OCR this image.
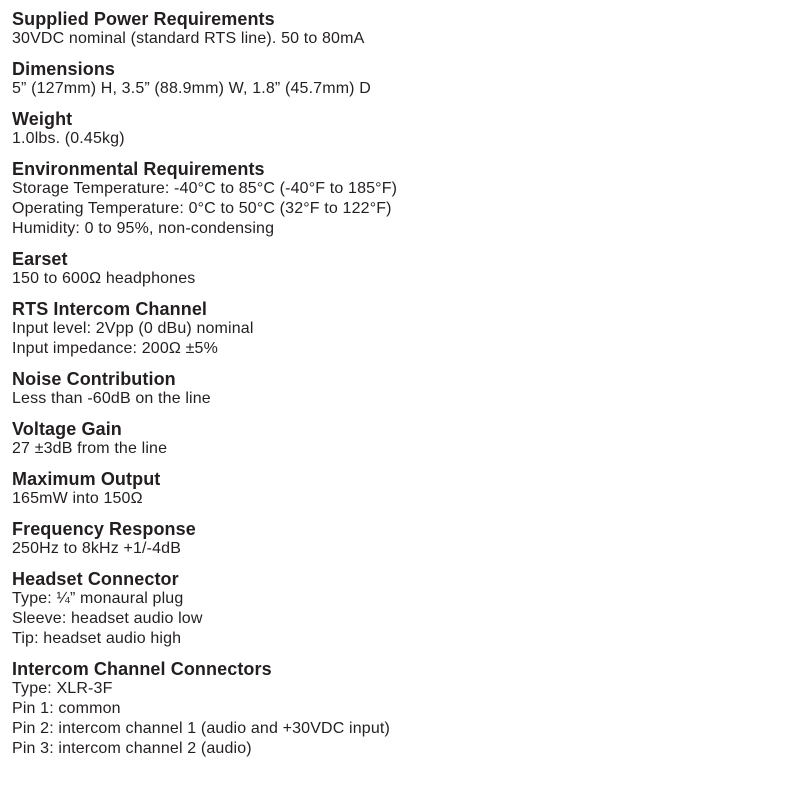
Supplied Power Requirements

30VDC nominal (standard RTS line). 50 to 80mA

Dimensions

5” (127mm) H, 3.5” (88.9mm) W, 1.8” (45.7mm) D

Weight

1.0lbs. (0.45kg)

Environmental Requirements

Storage Temperature: -40°C to 85°C (-40°F to 185°F)

Operating Temperature: 0°C to 50°C (32°F to 122°F)

Humidity: 0 to 95%, non-condensing

Earset

150 to 600Ω headphones

RTS Intercom Channel

Input level: 2Vpp (0 dBu) nominal

Input impedance: 200Ω ±5%

Noise Contribution

Less than -60dB on the line

Voltage Gain

27 ±3dB from the line

Maximum Output

165mW into 150Ω

Frequency Response

250Hz to 8kHz +1/-4dB

Headset Connector

Type: ¼” monaural plug

Sleeve: headset audio low

Tip: headset audio high

Intercom Channel Connectors

Type: XLR-3F

Pin 1: common

Pin 2: intercom channel 1 (audio and +30VDC input)

Pin 3: intercom channel 2 (audio)
